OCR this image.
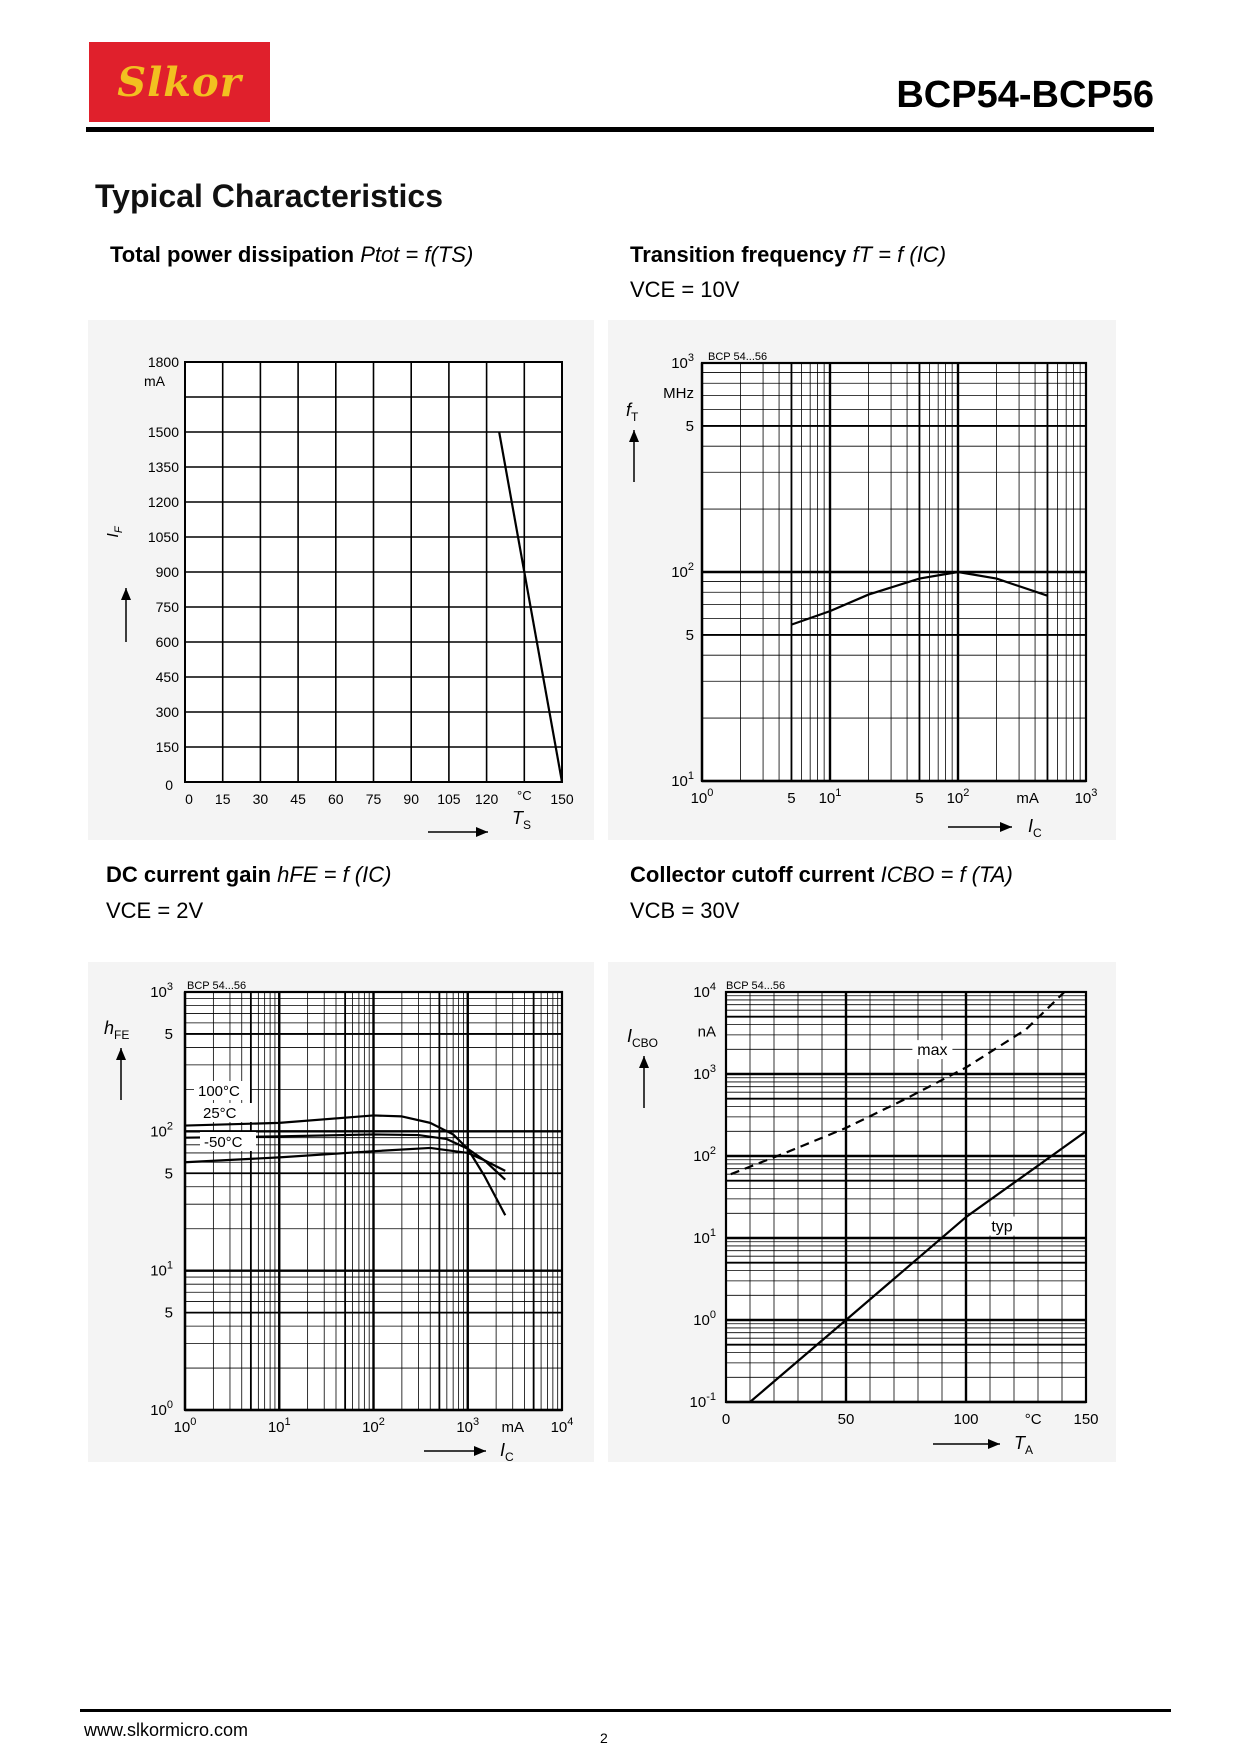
Slkor	BCP54-BCP56
Typical Characteristics
Total power dissipation Ptot = f(TS)	Transition frequency fT = f (IC)
VCE = 10V
DC current gain hFE = f (IC)
VCE = 2V
Collector cutoff current ICBO = f (TA)
VCB = 30V
0 15 30 45 60 75 90 105 120	150
°C
0
150
300
450
600
750
900
1050
1200
1350
1500
1800
mA
$T_S$
$I_F$
BCP 54...56
$10^0$	5 $10^1$	5 $10^2$	mA $10^3$
$10^1$
5
$10^2$
5
MHz
$10^3$
$I_C$
$f_T$
BCP 54...56
$10^0$	$10^1$	$10^2$	$10^3$ mA $10^4$
$10^0$
5
$10^1$
5
$10^2$
5
$10^3$
$I_C$
$h_{FE}$
100°C
25°C
-50°C
BCP 54...56
0	50	100	°C 150
$10^{-1}$
$10^0$
$10^1$
$10^2$
$10^3$
nA
$10^4$
$T_A$
$I_{CBO}$	max
typ
www.slkormicro.com	2
